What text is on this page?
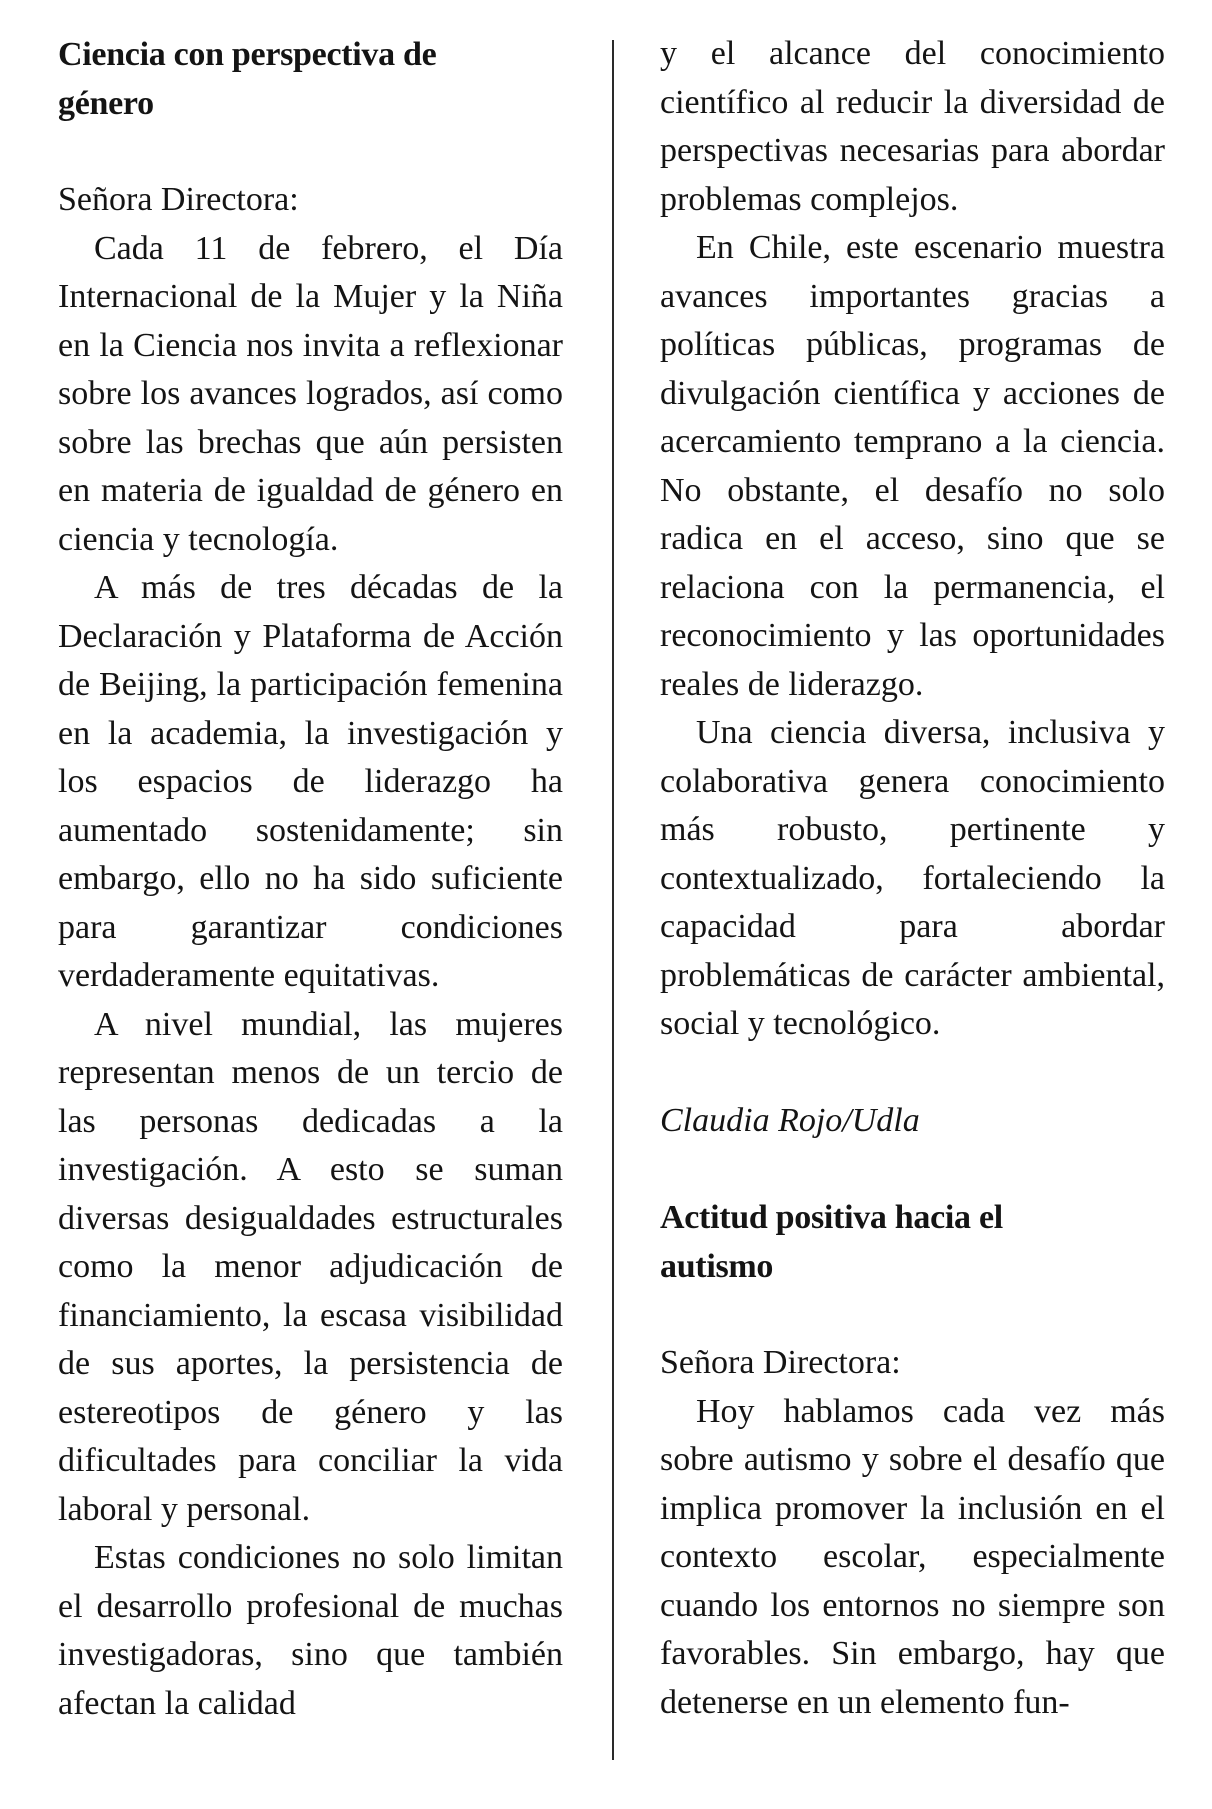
Ciencia con perspectiva de género

Señora Directora:

Cada 11 de febrero, el Día Internacional de la Mujer y la Niña en la Ciencia nos invita a reflexionar sobre los avances logrados, así como sobre las brechas que aún persisten en materia de igualdad de género en ciencia y tecnología.

A más de tres décadas de la Declaración y Plataforma de Acción de Beijing, la participación femenina en la academia, la investigación y los espacios de liderazgo ha aumentado sostenidamente; sin embargo, ello no ha sido suficiente para garantizar condiciones verdaderamente equitativas.

A nivel mundial, las mujeres representan menos de un tercio de las personas dedicadas a la investigación. A esto se suman diversas desigualdades estructurales como la menor adjudicación de financiamiento, la escasa visibilidad de sus aportes, la persistencia de estereotipos de género y las dificultades para conciliar la vida laboral y personal.

Estas condiciones no solo limitan el desarrollo profesional de muchas investigadoras, sino que también afectan la calidad

y el alcance del conocimiento científico al reducir la diversidad de perspectivas necesarias para abordar problemas complejos.

En Chile, este escenario muestra avances importantes gracias a políticas públicas, programas de divulgación científica y acciones de acercamiento temprano a la ciencia. No obstante, el desafío no solo radica en el acceso, sino que se relaciona con la permanencia, el reconocimiento y las oportunidades reales de liderazgo.

Una ciencia diversa, inclusiva y colaborativa genera conocimiento más robusto, pertinente y contextualizado, fortaleciendo la capacidad para abordar problemáticas de carácter ambiental, social y tecnológico.

Claudia Rojo/Udla

Actitud positiva hacia el autismo

Señora Directora:

Hoy hablamos cada vez más sobre autismo y sobre el desafío que implica promover la inclusión en el contexto escolar, especialmente cuando los entornos no siempre son favorables. Sin embargo, hay que detenerse en un elemento fun-
